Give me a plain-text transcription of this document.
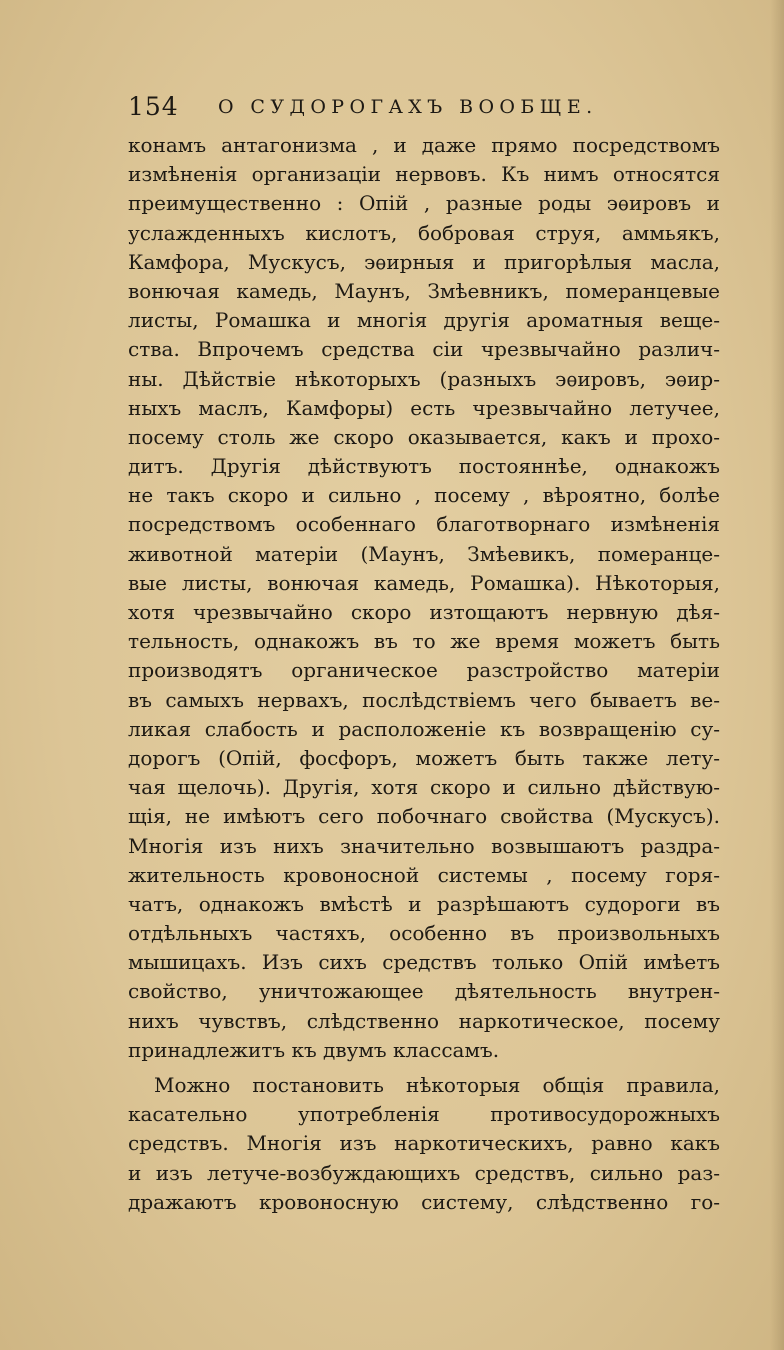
154 О СУДОРОГАХЪ ВООБЩЕ.
конамъ антагонизма , и даже прямо посредствомъ
измѣненія организаціи нервовъ. Къ нимъ относятся
преимущественно : Опій , разные роды эѳировъ и
услажденныхъ кислотъ, бобровая струя, аммьякъ,
Камфора, Мускусъ, эѳирныя и пригорѣлыя масла,
вонючая камедь, Маунъ, Змѣевникъ, померанцевые
листы, Ромашка и многія другія ароматныя веще-
ства. Впрочемъ средства сіи чрезвычайно различ-
ны. Дѣйствіе нѣкоторыхъ (разныхъ эѳировъ, эѳир-
ныхъ маслъ, Камфоры) есть чрезвычайно летучее,
посему столь же скоро оказывается, какъ и прохо-
дитъ. Другія дѣйствуютъ постояннѣе, однакожъ
не такъ скоро и сильно , посему , вѣроятно, болѣе
посредствомъ особеннаго благотворнаго измѣненія
животной матеріи (Маунъ, Змѣевикъ, померанце-
вые листы, вонючая камедь, Ромашка). Нѣкоторыя,
хотя чрезвычайно скоро изтощаютъ нервную дѣя-
тельность, однакожъ въ то же время можетъ быть
производятъ органическое разстройство матеріи
въ самыхъ нервахъ, послѣдствіемъ чего бываетъ ве-
ликая слабость и расположеніе къ возвращенію су-
дорогъ (Опій, фосфоръ, можетъ быть также лету-
чая щелочь). Другія, хотя скоро и сильно дѣйствую-
щія, не имѣютъ сего побочнаго свойства (Мускусъ).
Многія изъ нихъ значительно возвышаютъ раздра-
жительность кровоносной системы , посему горя-
чатъ, однакожъ вмѣстѣ и разрѣшаютъ судороги въ
отдѣльныхъ частяхъ, особенно въ произвольныхъ
мышицахъ. Изъ сихъ средствъ только Опій имѣетъ
свойство, уничтожающее дѣятельность внутрен-
нихъ чувствъ, слѣдственно наркотическое, посему
принадлежитъ къ двумъ классамъ.
Можно постановить нѣкоторыя общія правила,
касательно употребленія противосудорожныхъ
средствъ. Многія изъ наркотическихъ, равно какъ
и изъ летуче-возбуждающихъ средствъ, сильно раз-
дражаютъ кровоносную систему, слѣдственно го-
